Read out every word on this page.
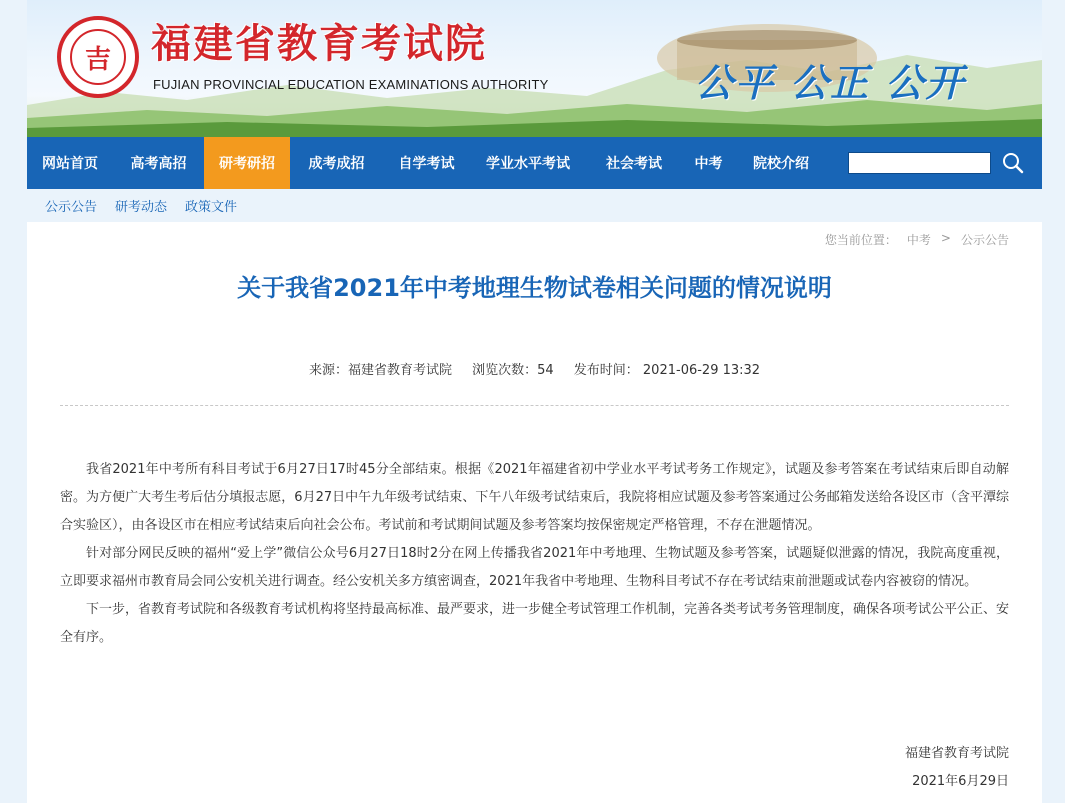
吉	福建省教育考试院
FUJIAN PROVINCIAL EDUCATION EXAMINATIONS AUTHORITY	公平 公正 公开
网站首页	高考高招	研考研招	成考成招	自学考试	学业水平考试	社会考试	中考	院校介绍
公示公告 研考动态 政策文件
您当前位置： 中考 > 公示公告
关于我省2021年中考地理生物试卷相关问题的情况说明
来源：福建省教育考试院 浏览次数：54 发布时间： 2021-06-29 13:32

我省2021年中考所有科目考试于6月27日17时45分全部结束。根据《2021年福建省初中学业水平考试考务工作规定》，试题及参考答案在考试结束后即自动解密。为方便广大考生考后估分填报志愿，6月27日中午九年级考试结束、下午八年级考试结束后，我院将相应试题及参考答案通过公务邮箱发送给各设区市（含平潭综合实验区），由各设区市在相应考试结束后向社会公布。考试前和考试期间试题及参考答案均按保密规定严格管理，不存在泄题情况。

针对部分网民反映的福州“爱上学”微信公众号6月27日18时2分在网上传播我省2021年中考地理、生物试题及参考答案，试题疑似泄露的情况，我院高度重视，立即要求福州市教育局会同公安机关进行调查。经公安机关多方缜密调查，2021年我省中考地理、生物科目考试不存在考试结束前泄题或试卷内容被窃的情况。

下一步，省教育考试院和各级教育考试机构将坚持最高标准、最严要求，进一步健全考试管理工作机制，完善各类考试考务管理制度，确保各项考试公平公正、安全有序。

福建省教育考试院
2021年6月29日
